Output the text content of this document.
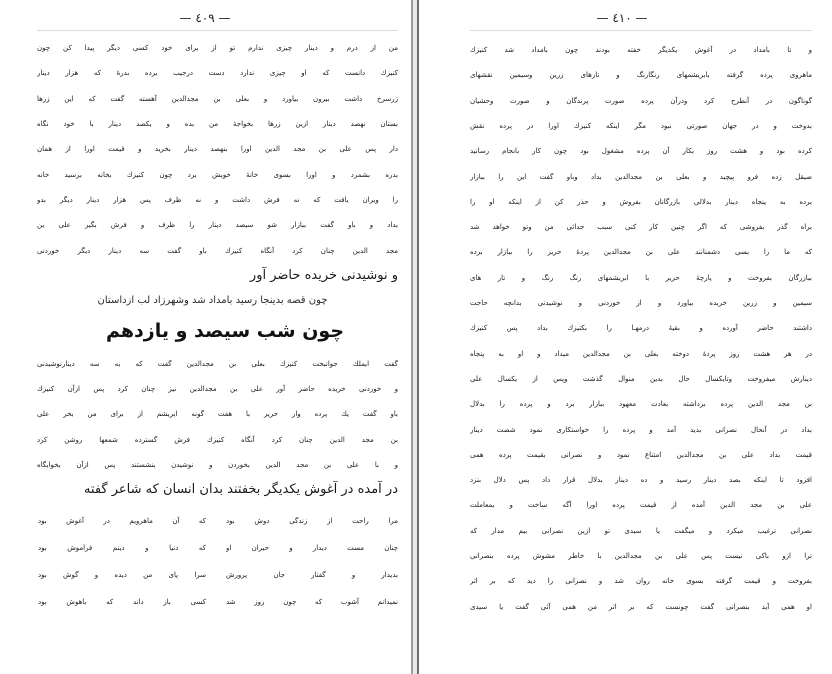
— ٤٠٩ —
من از درم و دینار چیزی ندارم تو از برای خود کسی دیگر پیدا کن چون
کنیزك دانست که او چیزی ندارد دست درجیب برده بدرهٔ که هزار دینار
زرسرخ داشت بیرون بیاورد و بعلی بن مجدالدین آهسته گفت که این زرها
بستان نهصد دینار ازین زرها بخواجهٔ من بده و یکصد دینار با خود نگاه
دار پس علی بن مجد الدین اورا بنهصد دینار بخرید و قیمت اورا از همان
بدره بشمرد و اورا بسوی خانهٔ خویش برد چون کنیزك بخانه برسید خانه
را ویران یافت که نه فرش داشت و نه ظرف پس هزار دینار دیگر بدو
بداد و باو گفت ببازار شو سیصد دینار را ظرف و فرش بگیر علی بن
مجد الدین چنان کرد آنگاه کنیزك باو گفت سه دینار دیگر خوردنی
و نوشیدنی خریده حاضر آور
چون قصه بدینجا رسید بامداد شد وشهرزاد لب ازداستان
چون شب سیصد و یازدهم
گفت ایملك جوانبخت کنیزك بعلی بن مجدالدین گفت که به سه دینارنوشیدنی
و خوردنی خریده حاضر آور علی بن مجدالدین نیز چنان کرد پس ازآن کنیزك
باو گفت یك پرده وار حریر با هفت گونه ابریشم از برای من بخر علی
بن مجد الدین چنان کرد آنگاه کنیزك فرش گسترده شمعها روشن کرد
و با علی بن مجد الدین بخوردن و نوشیدن بنشستند پس ازآن بخوابگاه
در آمده در آغوش یکدیگر بخفتند بدان انسان که شاعر گفته
مرا راحت از زندگی دوش بود
که آن ماهرویم در آغوش بود
چنان مست دیدار و حیران او
که دنیا و دینم فراموش بود
بدیدار و گفتار جان پرورش
سرا پای من دیده و گوش بود
نمیدانم آشوب که چون روز شد
کسی باز داند که باهوش بود
— ٤١٠ —
و تا بامداد در آغوش یکدیگر خفته بودند چون بامداد شد کنیزك
ماهروی پرده گرفته بابریشمهای رنگارنگ و تارهای زرین وسیمین نقشهای
گوناگون در آنطرح کرد ودرآن پرده صورت پرندگان و صورت وحشیان
بدوخت و در جهان صورتی نبود مگر اینکه کنیزك اورا در پرده نقش
کرده بود و هشت روز بکار آن پرده مشغول بود چون کار بانجام رسانید
صیقل زده فرو پیچید و بعلی بن مجدالدین بداد وباو گفت این را ببازار
برده به پنجاه دینار بدلالی بازرگانان بفروش و حذر کن از اینکه او را
براه گذر بفروشی که اگر چنین کار کنی سبب جدائی من وتو خواهد شد
که ما را بسی دشمنانند علی بن مجدالدین پردهٔ حریر را ببازار برده
ببازرگان بفروخت و پارچهٔ حریر با ابریشمهای رنگ رنگ و تار های
سیمین و زرین خریده بیاورد و از خوردنی و نوشیدنی بدانچه حاجت
داشتند حاضر آورده و بقیهٔ درمهـا را بکنیزك بداد پس کنیزك
در هر هشت روز پردهٔ دوخته بعلی بن مجدالدین میداد و او به پنجاه
دینارش میفروخت وتایکسال حال بدین منوال گذشت وپس از یکسال علی
بن مجد الدین پرده برداشته بعادت معهود ببازار برد و پرده را بدلال
بداد در آنحال نصرانی بدید آمد و پرده را خواستکاری نمود شصت دینار
قیمت بداد علی بن مجدالدین امتناع نمود و نصرانی بقیمت پرده همی
افزود تا اینکه بصد دینار رسید و ده دینار بدلال قرار داد پس دلال بنزد
علی بن مجد الدین آمده از قیمت پرده اورا آگه ساخت و بمعاملت
نصرانی ترغیب میکرد و میگفت یا سیدی تو ازین نصرانی بیم مدار که
ترا ازو باکی نیست پس علی بن مجدالدین با خاطر مشوش پرده بنصرانی
بفروخت و قیمت گرفته بسوی خانه روان شد و نصرانی را دید که بر اثر
او همی آید بنصرانی گفت چونست که بر اثر من همی آئی گفت یا سیدی
